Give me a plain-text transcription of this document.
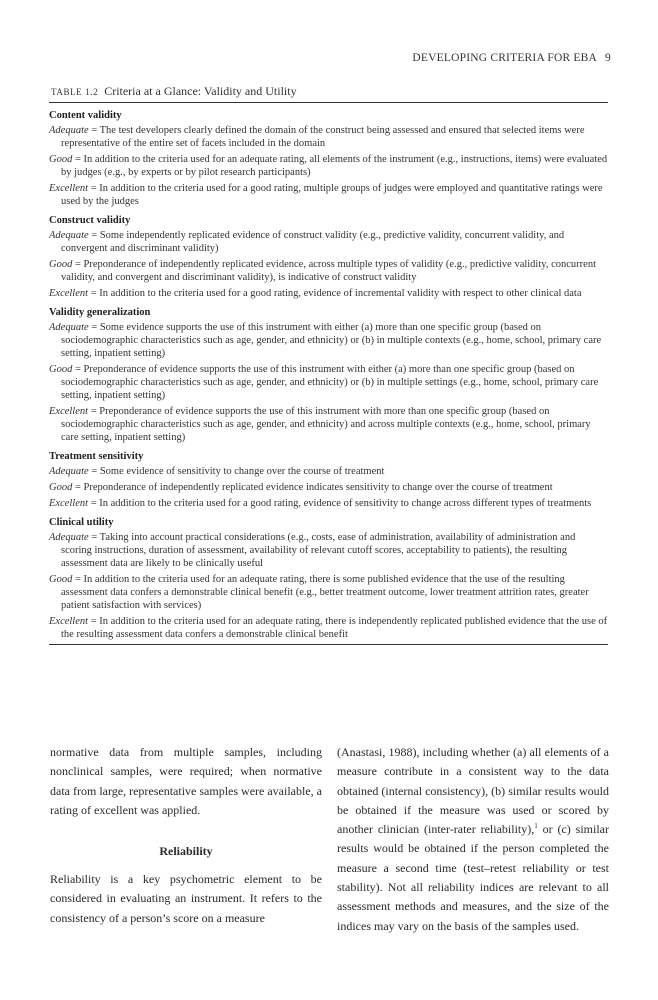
DEVELOPING CRITERIA FOR EBA 9
TABLE 1.2 Criteria at a Glance: Validity and Utility
Content validity
Adequate = The test developers clearly defined the domain of the construct being assessed and ensured that selected items were representative of the entire set of facets included in the domain
Good = In addition to the criteria used for an adequate rating, all elements of the instrument (e.g., instructions, items) were evaluated by judges (e.g., by experts or by pilot research participants)
Excellent = In addition to the criteria used for a good rating, multiple groups of judges were employed and quantitative ratings were used by the judges
Construct validity
Adequate = Some independently replicated evidence of construct validity (e.g., predictive validity, concurrent validity, and convergent and discriminant validity)
Good = Preponderance of independently replicated evidence, across multiple types of validity (e.g., predictive validity, concurrent validity, and convergent and discriminant validity), is indicative of construct validity
Excellent = In addition to the criteria used for a good rating, evidence of incremental validity with respect to other clinical data
Validity generalization
Adequate = Some evidence supports the use of this instrument with either (a) more than one specific group (based on sociodemographic characteristics such as age, gender, and ethnicity) or (b) in multiple contexts (e.g., home, school, primary care setting, inpatient setting)
Good = Preponderance of evidence supports the use of this instrument with either (a) more than one specific group (based on sociodemographic characteristics such as age, gender, and ethnicity) or (b) in multiple settings (e.g., home, school, primary care setting, inpatient setting)
Excellent = Preponderance of evidence supports the use of this instrument with more than one specific group (based on sociodemographic characteristics such as age, gender, and ethnicity) and across multiple contexts (e.g., home, school, primary care setting, inpatient setting)
Treatment sensitivity
Adequate = Some evidence of sensitivity to change over the course of treatment
Good = Preponderance of independently replicated evidence indicates sensitivity to change over the course of treatment
Excellent = In addition to the criteria used for a good rating, evidence of sensitivity to change across different types of treatments
Clinical utility
Adequate = Taking into account practical considerations (e.g., costs, ease of administration, availability of administration and scoring instructions, duration of assessment, availability of relevant cutoff scores, acceptability to patients), the resulting assessment data are likely to be clinically useful
Good = In addition to the criteria used for an adequate rating, there is some published evidence that the use of the resulting assessment data confers a demonstrable clinical benefit (e.g., better treatment outcome, lower treatment attrition rates, greater patient satisfaction with services)
Excellent = In addition to the criteria used for an adequate rating, there is independently replicated published evidence that the use of the resulting assessment data confers a demonstrable clinical benefit

normative data from multiple samples, including nonclinical samples, were required; when normative data from large, representative samples were available, a rating of excellent was applied.

Reliability

Reliability is a key psychometric element to be considered in evaluating an instrument. It refers to the consistency of a person’s score on a measure

(Anastasi, 1988), including whether (a) all elements of a measure contribute in a consistent way to the data obtained (internal consistency), (b) similar results would be obtained if the measure was used or scored by another clinician (inter-rater reliability),$^1$ or (c) similar results would be obtained if the person completed the measure a second time (test–retest reliability or test stability). Not all reliability indices are relevant to all assessment methods and measures, and the size of the indices may vary on the basis of the samples used.
